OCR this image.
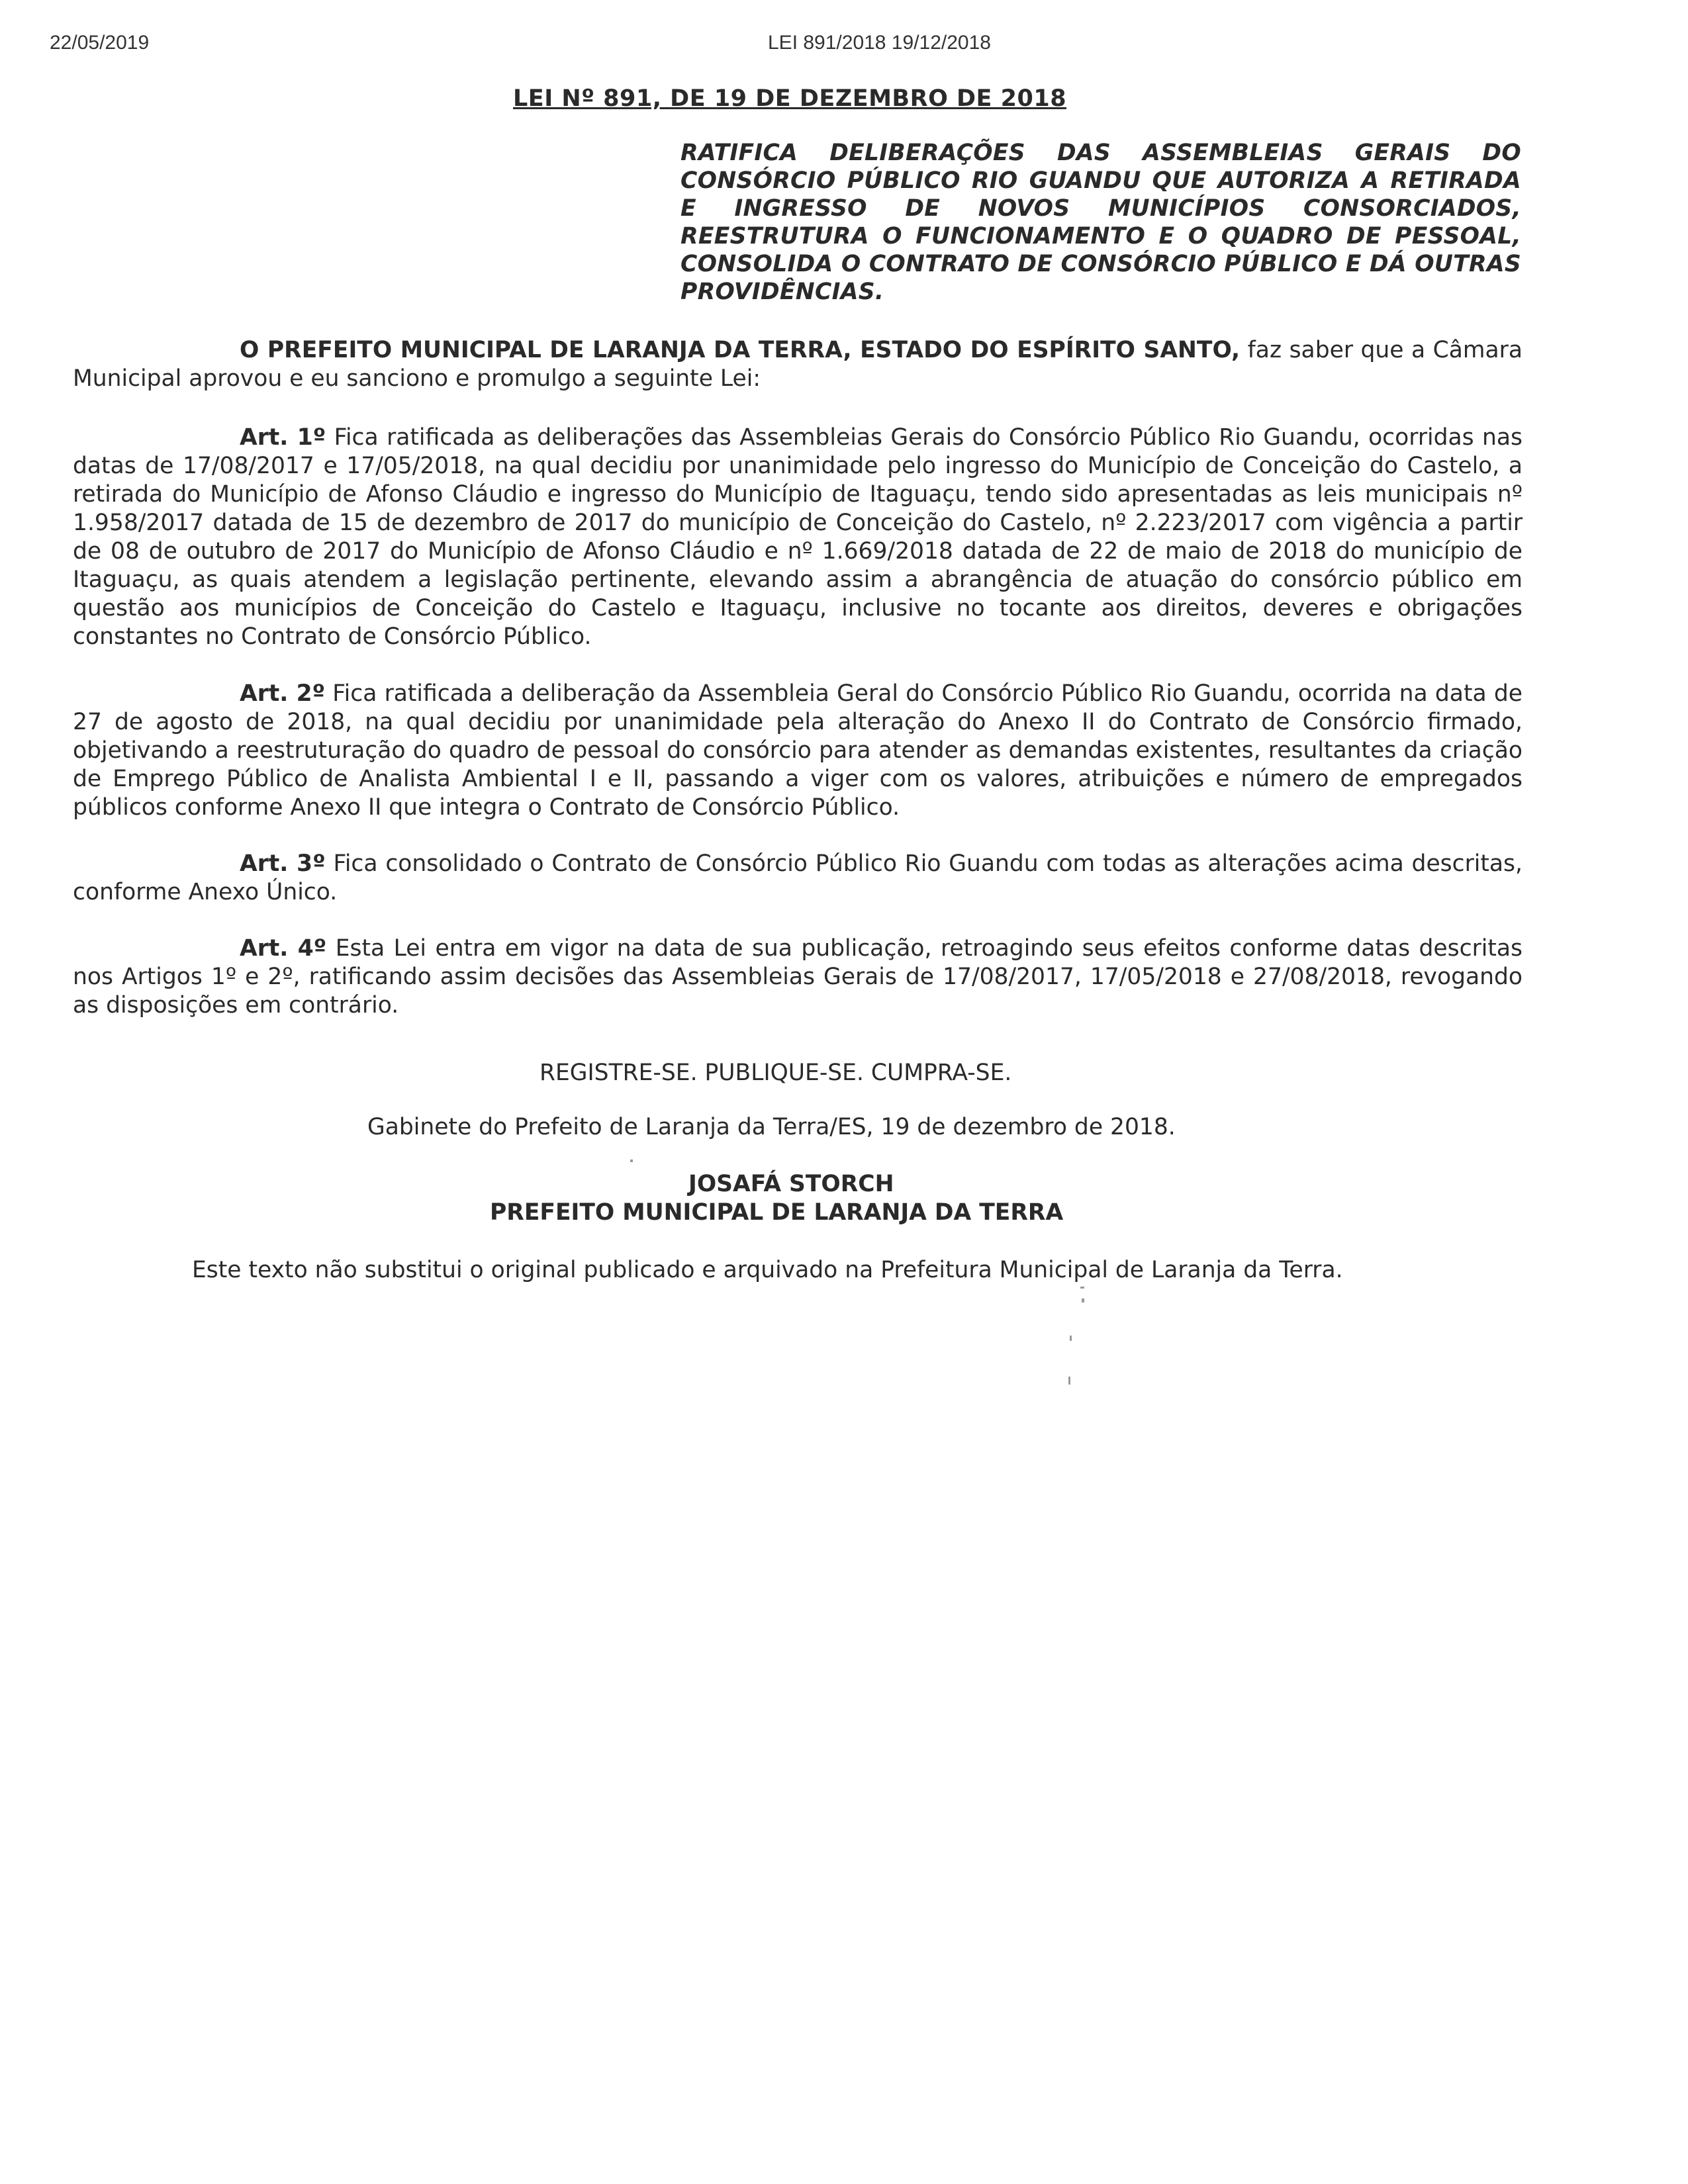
22/05/2019	LEI 891/2018 19/12/2018
LEI Nº 891, DE 19 DE DEZEMBRO DE 2018
RATIFICA DELIBERAÇÕES DAS ASSEMBLEIAS GERAIS DO CONSÓRCIO PÚBLICO RIO GUANDU QUE AUTORIZA A RETIRADA E INGRESSO DE NOVOS MUNICÍPIOS CONSORCIADOS, REESTRUTURA O FUNCIONAMENTO E O QUADRO DE PESSOAL, CONSOLIDA O CONTRATO DE CONSÓRCIO PÚBLICO E DÁ OUTRAS PROVIDÊNCIAS.
O PREFEITO MUNICIPAL DE LARANJA DA TERRA, ESTADO DO ESPÍRITO SANTO, faz saber que a Câmara Municipal aprovou e eu sanciono e promulgo a seguinte Lei:
Art. 1º Fica ratificada as deliberações das Assembleias Gerais do Consórcio Público Rio Guandu, ocorridas nas datas de 17/08/2017 e 17/05/2018, na qual decidiu por unanimidade pelo ingresso do Município de Conceição do Castelo, a retirada do Município de Afonso Cláudio e ingresso do Município de Itaguaçu, tendo sido apresentadas as leis municipais nº 1.958/2017 datada de 15 de dezembro de 2017 do município de Conceição do Castelo, nº 2.223/2017 com vigência a partir de 08 de outubro de 2017 do Município de Afonso Cláudio e nº 1.669/2018 datada de 22 de maio de 2018 do município de Itaguaçu, as quais atendem a legislação pertinente, elevando assim a abrangência de atuação do consórcio público em questão aos municípios de Conceição do Castelo e Itaguaçu, inclusive no tocante aos direitos, deveres e obrigações constantes no Contrato de Consórcio Público.
Art. 2º Fica ratificada a deliberação da Assembleia Geral do Consórcio Público Rio Guandu, ocorrida na data de 27 de agosto de 2018, na qual decidiu por unanimidade pela alteração do Anexo II do Contrato de Consórcio firmado, objetivando a reestruturação do quadro de pessoal do consórcio para atender as demandas existentes, resultantes da criação de Emprego Público de Analista Ambiental I e II, passando a viger com os valores, atribuições e número de empregados públicos conforme Anexo II que integra o Contrato de Consórcio Público.
Art. 3º Fica consolidado o Contrato de Consórcio Público Rio Guandu com todas as alterações acima descritas, conforme Anexo Único.
Art. 4º Esta Lei entra em vigor na data de sua publicação, retroagindo seus efeitos conforme datas descritas nos Artigos 1º e 2º, ratificando assim decisões das Assembleias Gerais de 17/08/2017, 17/05/2018 e 27/08/2018, revogando as disposições em contrário.
REGISTRE-SE. PUBLIQUE-SE. CUMPRA-SE.
Gabinete do Prefeito de Laranja da Terra/ES, 19 de dezembro de 2018.
JOSAFÁ STORCH
PREFEITO MUNICIPAL DE LARANJA DA TERRA
Este texto não substitui o original publicado e arquivado na Prefeitura Municipal de Laranja da Terra.
